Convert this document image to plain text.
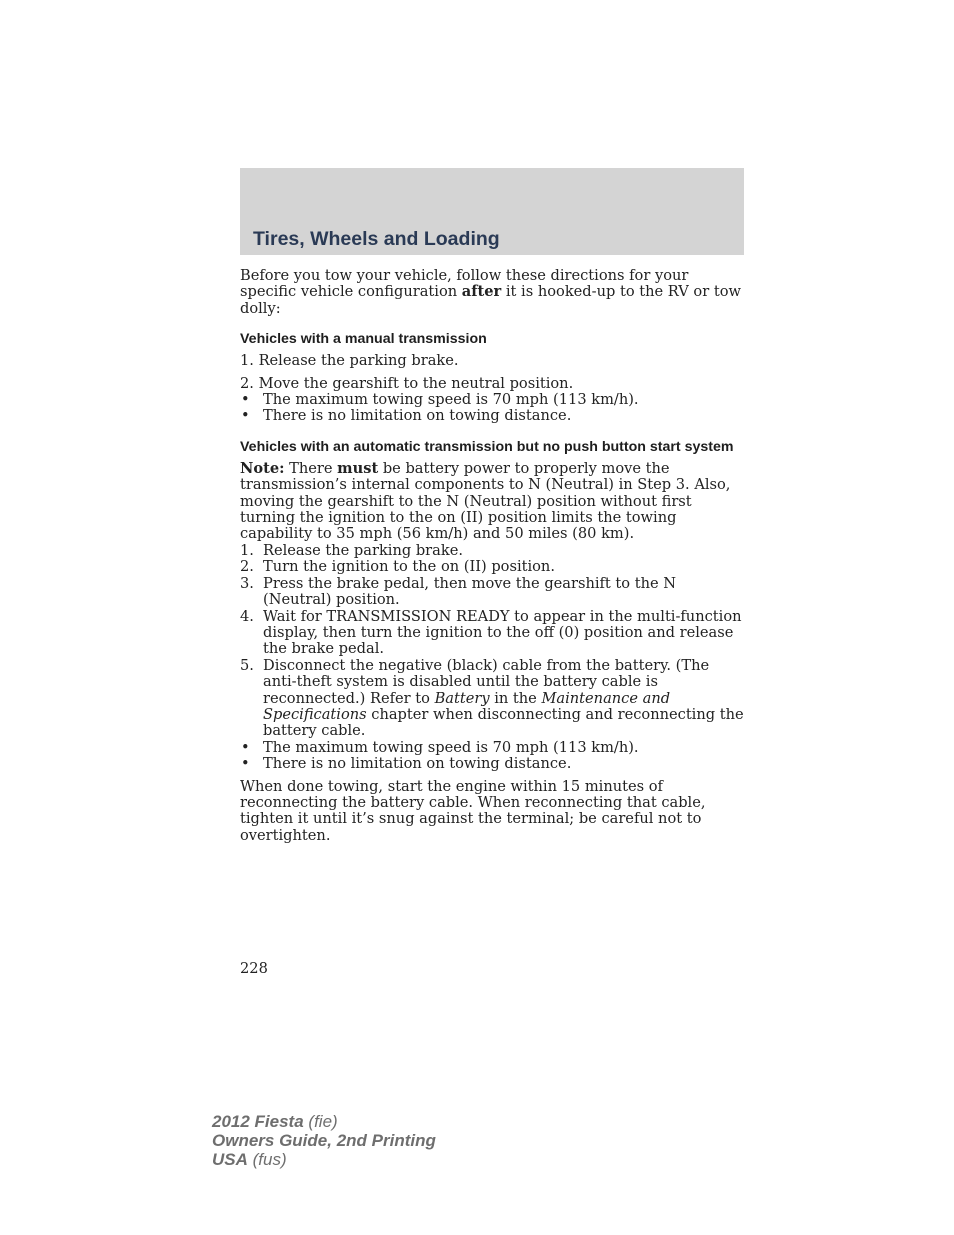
Tires, Wheels and Loading

Before you tow your vehicle, follow these directions for your specific vehicle configuration after it is hooked-up to the RV or tow dolly:

Vehicles with a manual transmission

1. Release the parking brake.

2. Move the gearshift to the neutral position.

• The maximum towing speed is 70 mph (113 km/h).
• There is no limitation on towing distance.

Vehicles with an automatic transmission but no push button start system

Note: There must be battery power to properly move the transmission’s internal components to N (Neutral) in Step 3. Also, moving the gearshift to the N (Neutral) position without first turning the ignition to the on (II) position limits the towing capability to 35 mph (56 km/h) and 50 miles (80 km).

1. Release the parking brake.
2. Turn the ignition to the on (II) position.
3. Press the brake pedal, then move the gearshift to the N (Neutral) position.
4. Wait for TRANSMISSION READY to appear in the multi-function display, then turn the ignition to the off (0) position and release the brake pedal.
5. Disconnect the negative (black) cable from the battery. (The anti-theft system is disabled until the battery cable is reconnected.) Refer to Battery in the Maintenance and Specifications chapter when disconnecting and reconnecting the battery cable.
• The maximum towing speed is 70 mph (113 km/h).
• There is no limitation on towing distance.

When done towing, start the engine within 15 minutes of reconnecting the battery cable. When reconnecting that cable, tighten it until it’s snug against the terminal; be careful not to overtighten.

228
2012 Fiesta (fie)
Owners Guide, 2nd Printing
USA (fus)
